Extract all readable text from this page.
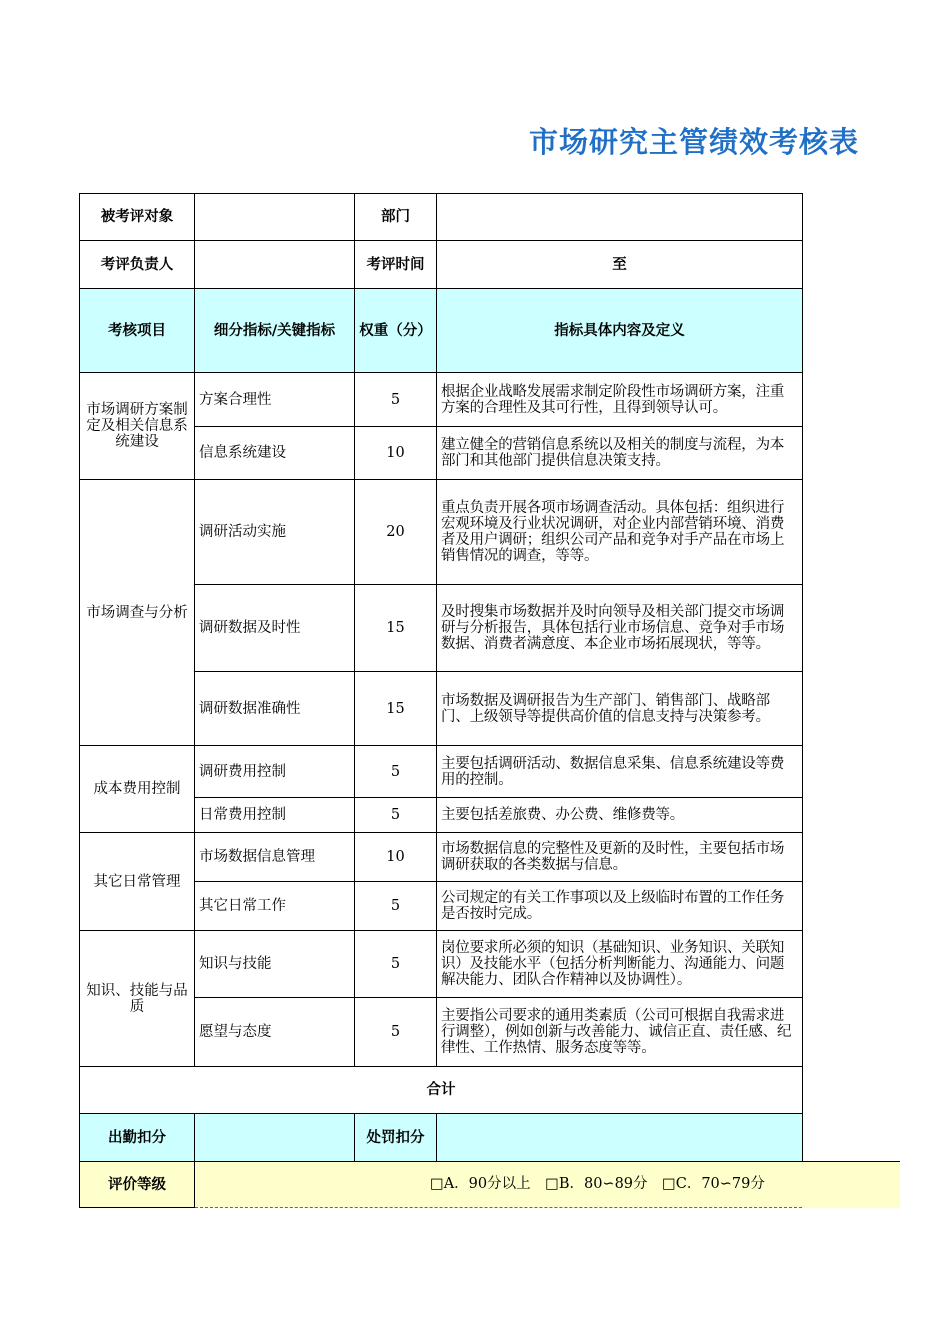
市场研究主管绩效考核表
被考评对象		部门	
考评负责人		考评时间	至
考核项目	细分指标/关键指标	权重（分）	指标具体内容及定义
市场调研方案制定及相关信息系统建设	方案合理性	5	根据企业战略发展需求制定阶段性市场调研方案，注重方案的合理性及其可行性，且得到领导认可。
	信息系统建设	10	建立健全的营销信息系统以及相关的制度与流程，为本部门和其他部门提供信息决策支持。
市场调查与分析	调研活动实施	20	重点负责开展各项市场调查活动。具体包括：组织进行宏观环境及行业状况调研，对企业内部营销环境、消费者及用户调研；组织公司产品和竞争对手产品在市场上销售情况的调查，等等。
	调研数据及时性	15	及时搜集市场数据并及时向领导及相关部门提交市场调研与分析报告，具体包括行业市场信息、竞争对手市场数据、消费者满意度、本企业市场拓展现状，等等。
	调研数据准确性	15	市场数据及调研报告为生产部门、销售部门、战略部门、上级领导等提供高价值的信息支持与决策参考。
成本费用控制	调研费用控制	5	主要包括调研活动、数据信息采集、信息系统建设等费用的控制。
	日常费用控制	5	主要包括差旅费、办公费、维修费等。
其它日常管理	市场数据信息管理	10	市场数据信息的完整性及更新的及时性，主要包括市场调研获取的各类数据与信息。
	其它日常工作	5	公司规定的有关工作事项以及上级临时布置的工作任务是否按时完成。
知识、技能与品质	知识与技能	5	岗位要求所必须的知识（基础知识、业务知识、关联知识）及技能水平（包括分析判断能力、沟通能力、问题解决能力、团队合作精神以及协调性）。
	愿望与态度	5	主要指公司要求的通用类素质（公司可根据自我需求进行调整），例如创新与改善能力、诚信正直、责任感、纪律性、工作热情、服务态度等等。
合计			
出勤扣分		处罚扣分	
评价等级				□A．90分以上　□B．80∽89分　□C．70∽79分
